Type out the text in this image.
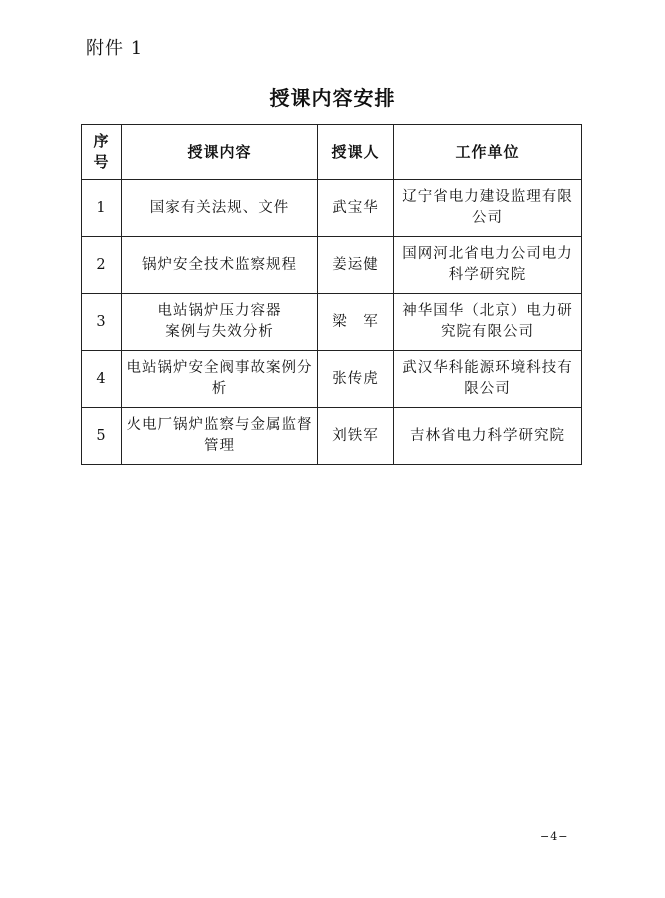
附件 1
授课内容安排
序号	授课内容	授课人	工作单位
1	国家有关法规、文件	武宝华	辽宁省电力建设监理有限公司
2	锅炉安全技术监察规程	姜运健	国网河北省电力公司电力科学研究院
3	电站锅炉压力容器案例与失效分析	梁　军	神华国华（北京）电力研究院有限公司
4	电站锅炉安全阀事故案例分析	张传虎	武汉华科能源环境科技有限公司
5	火电厂锅炉监察与金属监督管理	刘铁军	吉林省电力科学研究院
−4−
